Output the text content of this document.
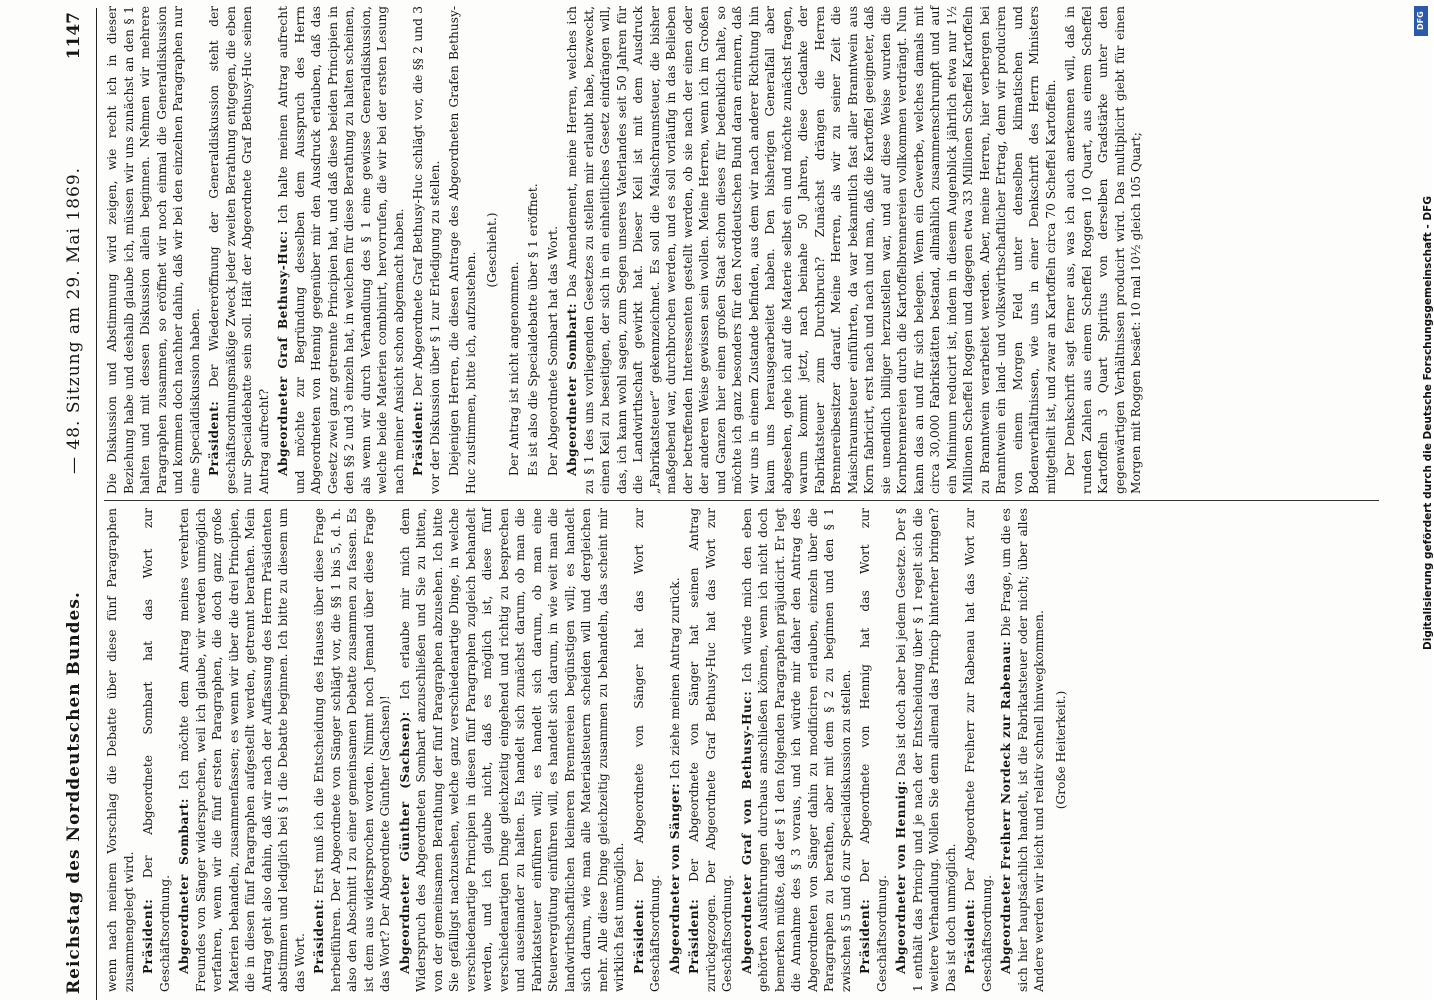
Reichstag des Norddeutschen Bundes.
— 48. Sitzung am 29. Mai 1869.
1147

wenn nach meinem Vorschlag die Debatte über diese fünf Paragraphen zusammengelegt wird. Präsident: Der Abgeordnete Sombart hat das Wort zur Geschäftsordnung. Abgeordneter Sombart: Ich möchte dem Antrag meines verehrten Freundes von Sänger widersprechen, weil ich glaube, wir werden unmöglich verfahren, wenn wir die fünf ersten Paragraphen, die doch ganz große Materien behandeln, zusammenfassen; es wenn wir über die drei Principien, die in diesen fünf Paragraphen aufgestellt werden, getrennt berathen. Mein Antrag geht also dahin, daß wir nach der Auffassung des Herrn Präsidenten abstimmen und lediglich bei § 1 die Debatte beginnen. Ich bitte zu diesem um das Wort. Präsident: Erst muß ich die Entscheidung des Hauses über diese Frage herbeiführen. Der Abgeordnete von Sänger schlägt vor, die §§ 1 bis 5, d. h. also den Abschnitt I zu einer gemeinsamen Debatte zusammen zu fassen. Es ist dem aus widersprochen worden. Nimmt noch Jemand über diese Frage das Wort? Der Abgeordnete Günther (Sachsen)! Abgeordneter Günther (Sachsen): Ich erlaube mir mich dem Widerspruch des Abgeordneten Sombart anzuschließen und Sie zu bitten, von der gemeinsamen Berathung der fünf Paragraphen abzusehen. Ich bitte Sie gefälligst nachzusehen, welche ganz verschiedenartige Dinge, in welche verschiedenartige Principien in diesen fünf Paragraphen zugleich behandelt werden, und ich glaube nicht, daß es möglich ist, diese fünf verschiedenartigen Dinge gleichzeitig eingehend und richtig zu besprechen und auseinander zu halten. Es handelt sich zunächst darum, ob man die Fabrikatsteuer einführen will; es handelt sich darum, ob man eine Steuervergütung einführen will, es handelt sich darum, in wie weit man die landwirthschaftlichen kleineren Brennereien begünstigen will; es handelt sich darum, wie man alle Materialsteuern scheiden will und dergleichen mehr. Alle diese Dinge gleichzeitig zusammen zu behandeln, das scheint mir wirklich fast unmöglich. Präsident: Der Abgeordnete von Sänger hat das Wort zur Geschäftsordnung. Abgeordneter von Sänger: Ich ziehe meinen Antrag zurück.

Präsident: Der Abgeordnete von Sänger hat seinen Antrag zurückgezogen. Der Abgeordnete Graf Bethusy-Huc hat das Wort zur Geschäftsordnung. Abgeordneter Graf von Bethusy-Huc: Ich würde mich den eben gehörten Ausführungen durchaus anschließen können, wenn ich nicht doch bemerken müßte, daß der § 1 den folgenden Paragraphen präjudicirt. Er legt die Annahme des § 3 voraus, und ich würde mir daher den Antrag des Abgeordneten von Sänger dahin zu modificiren erlauben, einzeln über die Paragraphen zu berathen, aber mit dem § 2 zu beginnen und den § 1 zwischen § 5 und 6 zur Specialdiskussion zu stellen. Präsident: Der Abgeordnete von Hennig hat das Wort zur Geschäftsordnung. Abgeordneter von Hennig: Das ist doch aber bei jedem Gesetze. Der § 1 enthält das Princip und je nach der Entscheidung über § 1 regelt sich die weitere Verhandlung. Wollen Sie denn allemal das Princip hinterher bringen? Das ist doch unmöglich. Präsident: Der Abgeordnete Freiherr zur Rabenau hat das Wort zur Geschäftsordnung. Abgeordneter Freiherr Nordeck zur Rabenau: Die Frage, um die es sich hier hauptsächlich handelt, ist die Fabrikatsteuer oder nicht; über alles Andere werden wir leicht und relativ schnell hinwegkommen. (Große Heiterkeit.)

Die Diskussion und Abstimmung wird zeigen, wie recht ich in dieser Beziehung habe und deshalb glaube ich, müssen wir uns zunächst an den § 1 halten und mit dessen Diskussion allein beginnen. Nehmen wir mehrere Paragraphen zusammen, so eröffnet wir noch einmal die Generaldiskussion und kommen doch nachher dahin, daß wir bei den einzelnen Paragraphen nur eine Specialdiskussion haben. Präsident: Der Wiedereröffnung der Generaldiskussion steht der geschäftsordnungsmäßige Zweck jeder zweiten Berathung entgegen, die eben nur Specialdebatte sein soll. Hält der Abgeordnete Graf Bethusy-Huc seinen Antrag aufrecht? Abgeordneter Graf Bethusy-Huc: Ich halte meinen Antrag aufrecht und möchte zur Begründung desselben dem Ausspruch des Herrn Abgeordneten von Hennig gegenüber mir den Ausdruck erlauben, daß das Gesetz zwei ganz getrennte Principien hat, und daß diese beiden Principien in den §§ 2 und 3 einzeln hat, in welchen für diese Berathung zu halten scheinen, als wenn wir durch Verhandlung des § 1 eine gewisse Generaldiskussion, welche beide Materien combinirt, hervorrufen, die wir bei der ersten Lesung nach meiner Ansicht schon abgemacht haben. Präsident: Der Abgeordnete Graf Bethusy-Huc schlägt vor, die §§ 2 und 3 vor der Diskussion über § 1 zur Erledigung zu stellen. Diejenigen Herren, die diesen Antrage des Abgeordneten Grafen Bethusy-Huc zustimmen, bitte ich, aufzustehen.

(Geschieht.)

Der Antrag ist nicht angenommen. Es ist also die Specialdebatte über § 1 eröffnet. Der Abgeordnete Sombart hat das Wort. Abgeordneter Sombart: Das Amendement, meine Herren, welches ich zu § 1 des uns vorliegenden Gesetzes zu stellen mir erlaubt habe, bezweckt, einen Keil zu beseitigen, der sich in ein einheitliches Gesetz eindrängen will, das, ich kann wohl sagen, zum Segen unseres Vaterlandes seit 50 Jahren für die Landwirthschaft gewirkt hat. Dieser Keil ist mit dem Ausdruck „Fabrikatsteuer“ gekennzeichnet. Es soll die Maischraumsteuer, die bisher maßgebend war, durchbrochen werden, und es soll vorläufig in das Belieben der betreffenden Interessenten gestellt werden, ob sie nach der einen oder der anderen Weise gewissen sein wollen. Meine Herren, wenn ich im Großen und Ganzen hier einen großen Staat schon dieses für bedenklich halte, so möchte ich ganz besonders für den Norddeutschen Bund daran erinnern, daß wir uns in einem Zustande befinden, aus dem wir nach anderer Richtung hin kaum uns herausgearbeitet haben. Den bisherigen Generalfall aber abgesehen, gehe ich auf die Materie selbst ein und möchte zunächst fragen, warum kommt jetzt, nach beinahe 50 Jahren, diese Gedanke der Fabrikatsteuer zum Durchbruch? Zunächst drängen die Herren Brennereibesitzer darauf. Meine Herren, als wir zu seiner Zeit die Maischraumsteuer einführten, da war bekanntlich fast aller Branntwein aus Korn fabricirt, erst nach und nach und man, daß die Kartoffel geeigneter, daß sie unendlich billiger herzustellen war, und auf diese Weise wurden die Kornbrennereien durch die Kartoffelbrennereien vollkommen verdrängt. Nun kann das an und für sich belegen. Wenn ein Gewerbe, welches damals mit circa 30,000 Fabrikstätten bestand, allmählich zusammenschrumpft und auf ein Minimum reducirt ist, indem in diesem Augenblick jährlich etwa nur 1½ Millionen Scheffel Roggen und dagegen etwa 33 Millionen Scheffel Kartoffeln zu Branntwein verarbeitet werden. Aber, meine Herren, hier verbergen bei Branntwein ein land- und volkswirthschaftlicher Ertrag, denn wir produciren von einem Morgen Feld unter denselben klimatischen und Bodenverhältnissen, wie uns in einer Denkschrift des Herrn Ministers mitgetheilt ist, und zwar an Kartoffeln circa 70 Scheffel Kartoffeln. Der Denkschrift sagt ferner aus, was ich auch anerkennen will, daß in runden Zahlen aus einem Scheffel Roggen 10 Quart, aus einem Scheffel Kartoffeln 3 Quart Spiritus von derselben Gradstärke unter den gegenwärtigen Verhältnissen producirt wird. Das multiplicirt giebt für einen Morgen mit Roggen besäet: 10 mal 10½ gleich 105 Quart;	Digitalisierung gefördert durch die Deutsche Forschungsgemeinschaft - DFG
DFG
